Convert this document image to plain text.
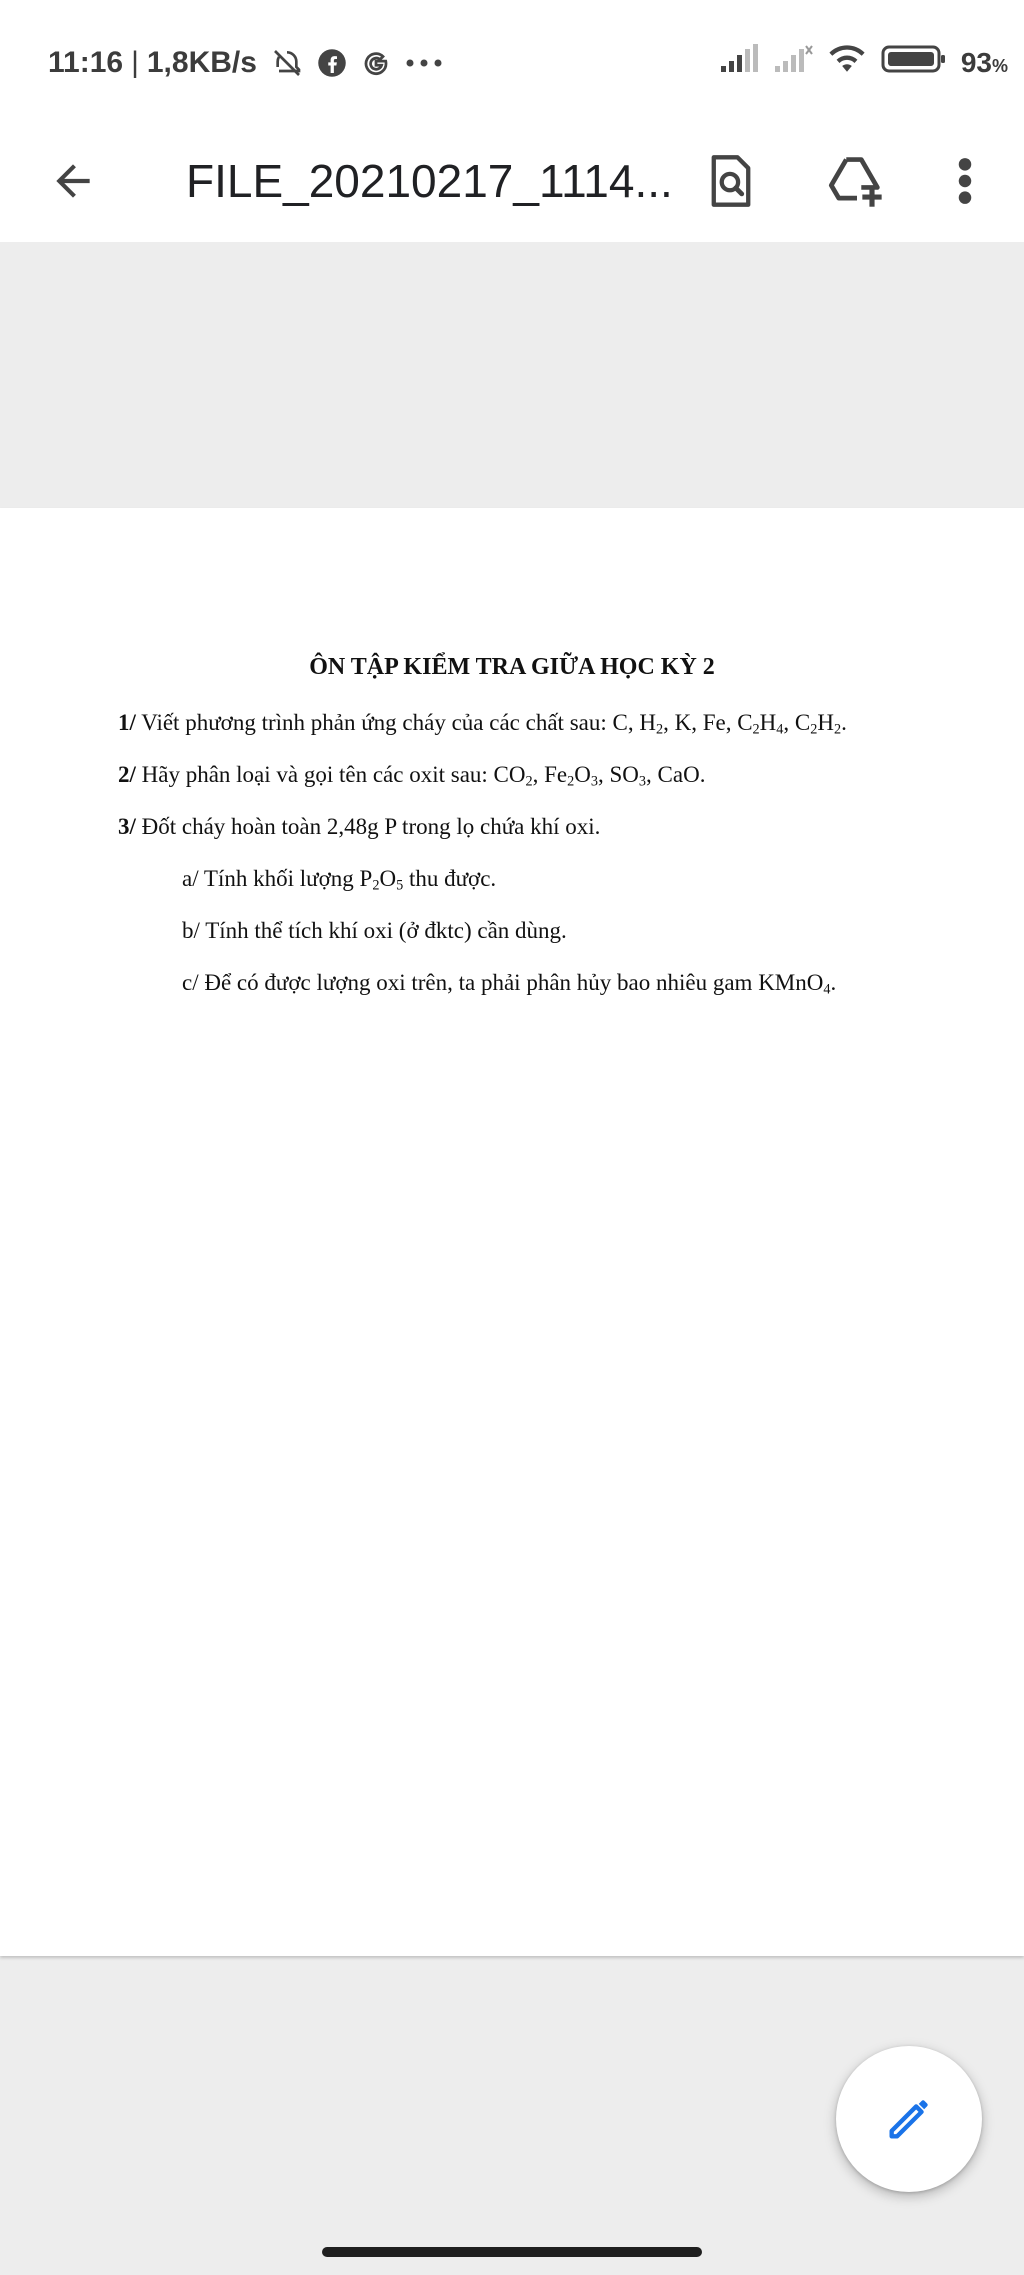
11:16 | 1,8KB/s	93%
FILE_20210217_1114...
ÔN TẬP KIỂM TRA GIỮA HỌC KỲ 2
1/ Viết phương trình phản ứng cháy của các chất sau: C, $H_2$, K, Fe, $C_2H_4$, $C_2H_2$.
2/ Hãy phân loại và gọi tên các oxit sau: $CO_2$, $Fe_2O_3$, $SO_3$, CaO.
3/ Đốt cháy hoàn toàn 2,48g P trong lọ chứa khí oxi.
a/ Tính khối lượng $P_2O_5$ thu được.
b/ Tính thể tích khí oxi (ở đktc) cần dùng.
c/ Để có được lượng oxi trên, ta phải phân hủy bao nhiêu gam KMnO$_4$.
